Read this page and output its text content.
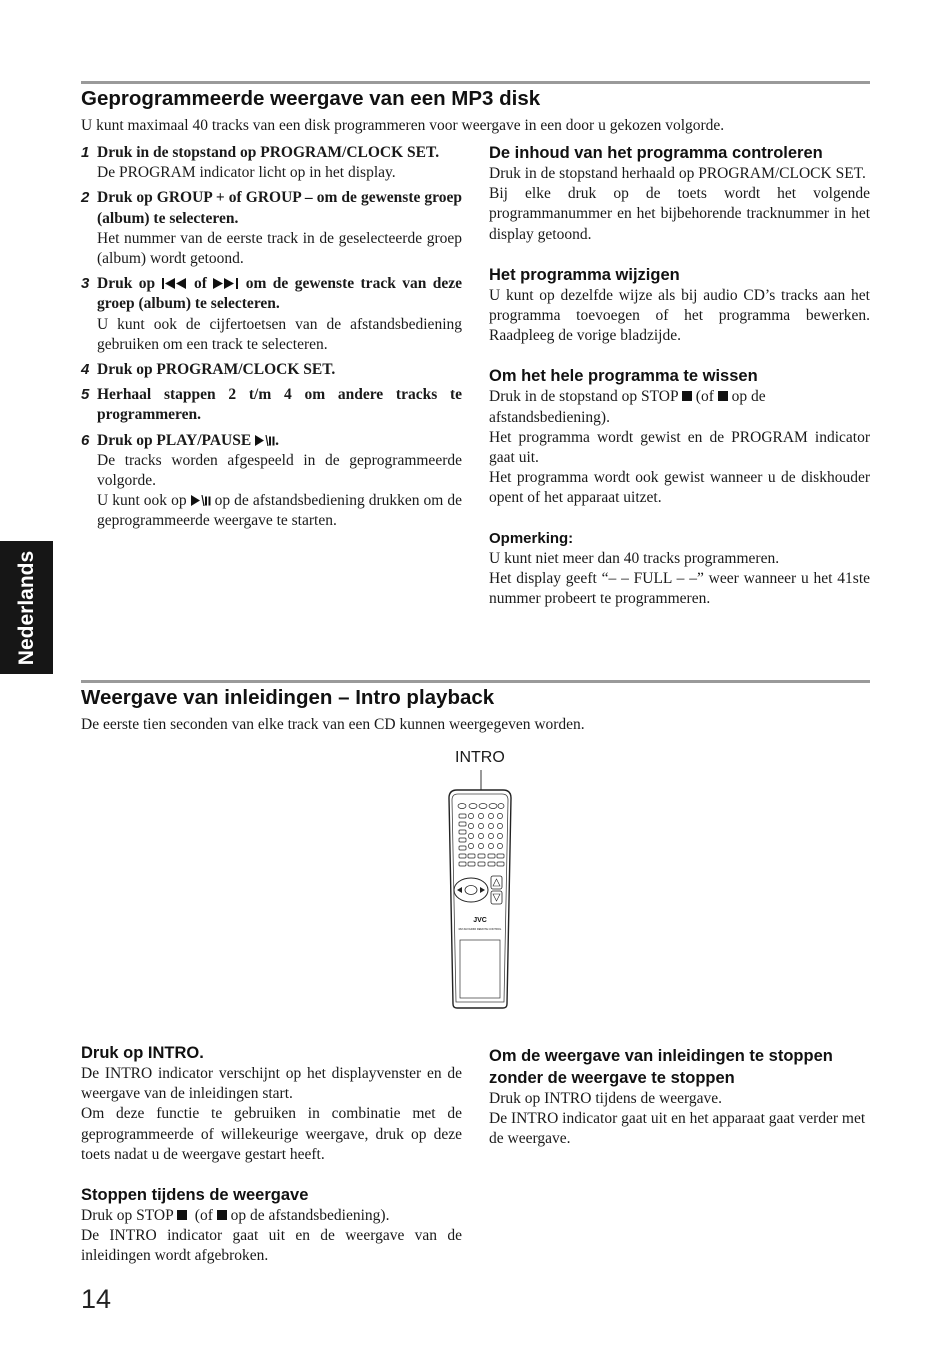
Geprogrammeerde weergave van een MP3 disk
U kunt maximaal 40 tracks van een disk programmeren voor weergave in een door u gekozen volgorde.
1 Druk in de stopstand op PROGRAM/CLOCK SET.

De PROGRAM indicator licht op in het display.

2 Druk op GROUP + of GROUP – om de gewenste groep (album) te selecteren.

Het nummer van de eerste track in de geselecteerde groep (album) wordt getoond.

3 Druk op	of	om de gewenste track van deze groep (album) te selecteren.

U kunt ook de cijfertoetsen van de afstandsbediening gebruiken om een track te selecteren.

4 Druk op PROGRAM/CLOCK SET.

5 Herhaal stappen 2 t/m 4 om andere tracks te programmeren.

6 Druk op PLAY/PAUSE .

De tracks worden afgespeeld in de geprogrammeerde volgorde.

U kunt ook op op de afstandsbediening drukken om de geprogrammeerde weergave te starten.

De inhoud van het programma controleren

Druk in de stopstand herhaald op PROGRAM/CLOCK SET.

Bij elke druk op de toets wordt het volgende programmanummer en het bijbehorende tracknummer in het display getoond.

Het programma wijzigen

U kunt op dezelfde wijze als bij audio CD’s tracks aan het programma toevoegen of het programma bewerken. Raadpleeg de vorige bladzijde.

Om het hele programma te wissen

Druk in de stopstand op STOP (of op de afstandsbediening).

Het programma wordt gewist en de PROGRAM indicator gaat uit.

Het programma wordt ook gewist wanneer u de diskhouder opent of het apparaat uitzet.

Opmerking:

U kunt niet meer dan 40 tracks programmeren.

Het display geeft “– – FULL – –” weer wanneer u het 41ste nummer probeert te programmeren.

Nederlands
Weergave van inleidingen – Intro playback
De eerste tien seconden van elke track van een CD kunnen weergegeven worden.
INTRO
JVC
RM-SUXGD6R REMOTE CONTROL
Druk op INTRO.

De INTRO indicator verschijnt op het displayvenster en de weergave van de inleidingen start.

Om deze functie te gebruiken in combinatie met de geprogrammeerde of willekeurige weergave, druk op deze toets nadat u de weergave gestart heeft.

Stoppen tijdens de weergave

Druk op STOP (of op de afstandsbediening).

De INTRO indicator gaat uit en de weergave van de inleidingen wordt afgebroken.

Om de weergave van inleidingen te stoppen zonder de weergave te stoppen

Druk op INTRO tijdens de weergave.

De INTRO indicator gaat uit en het apparaat gaat verder met de weergave.

14
